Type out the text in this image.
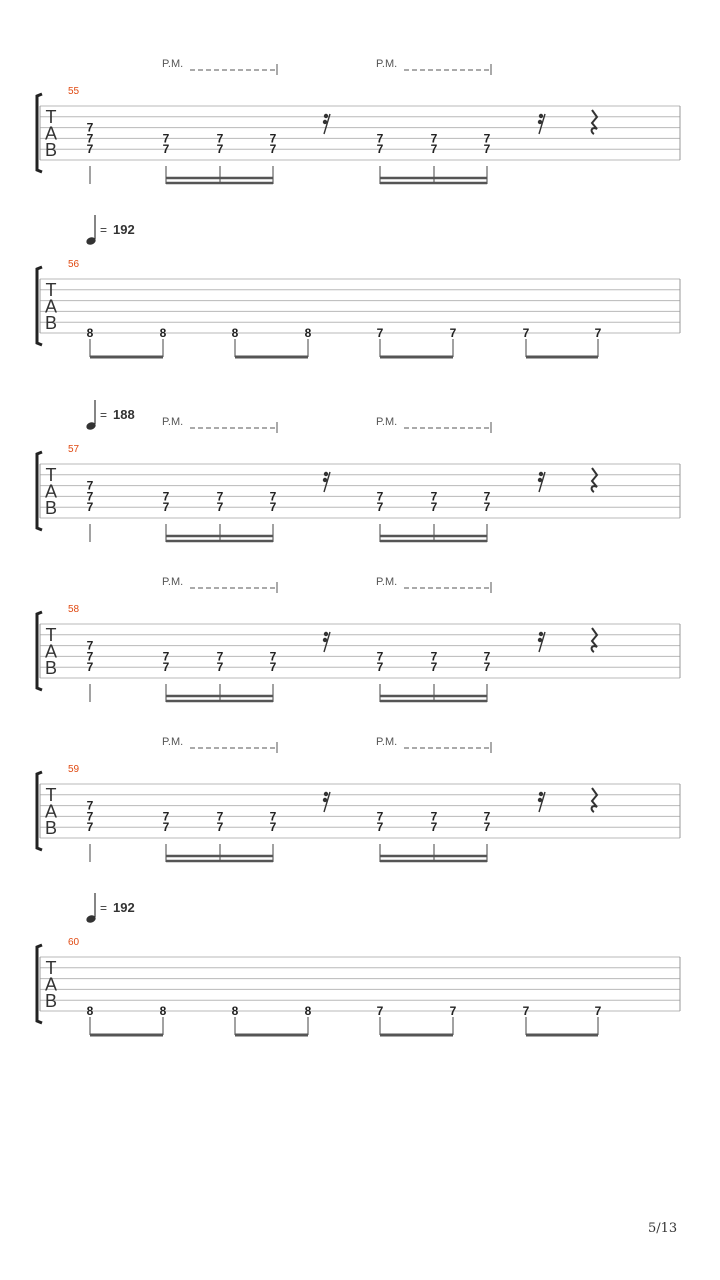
T
A
B
55
P.M.	P.M.
7
7
7
7
7
7
7
7
7
7
7
7
7
7
7
T
A
B
56
= 192
8	8	8	8	7	7	7	7
T
A
B
57
= 188 P.M.	P.M.
7
7
7
7
7
7
7
7
7
7
7
7
7
7
7
T
A
B
58
P.M.	P.M.
7
7
7
7
7
7
7
7
7
7
7
7
7
7
7
T
A
B
59
P.M.	P.M.
7
7
7
7
7
7
7
7
7
7
7
7
7
7
7
T
A
B
60
= 192
8	8	8	8	7	7	7	7
5/13
